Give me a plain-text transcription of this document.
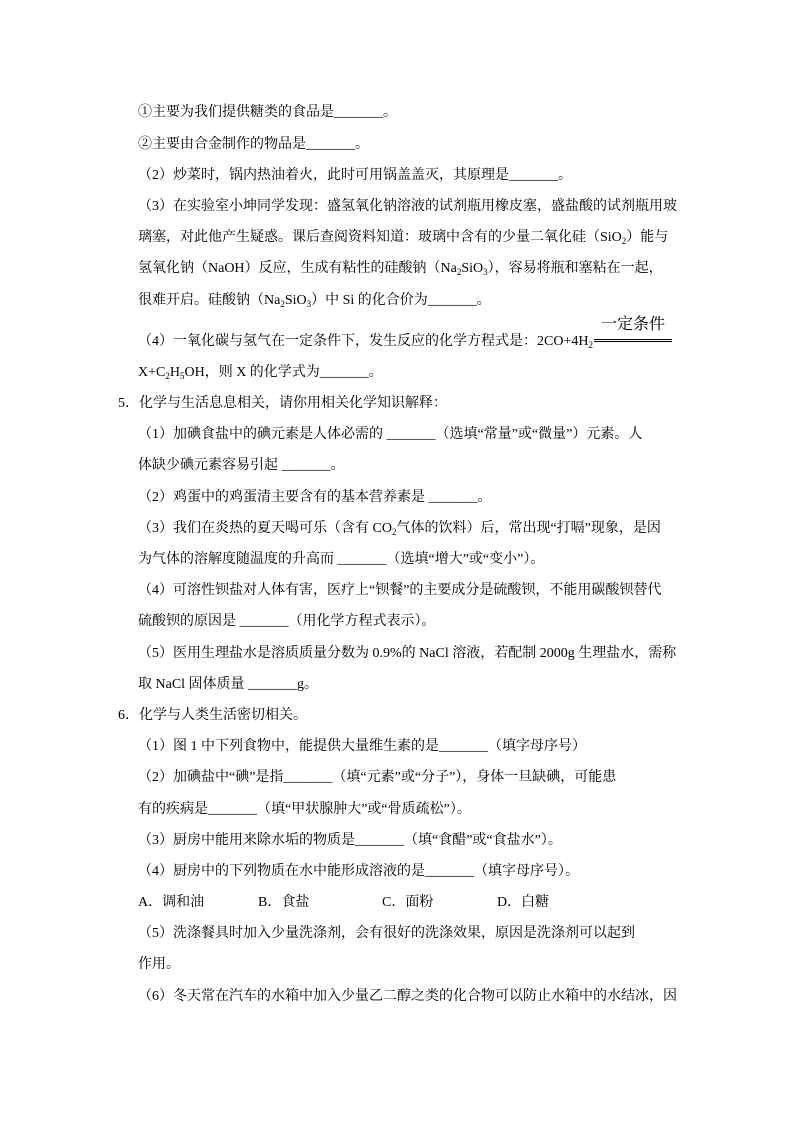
①主要为我们提供糖类的食品是_______。
②主要由合金制作的物品是_______。
（2）炒菜时，锅内热油着火，此时可用锅盖盖灭，其原理是_______。
（3）在实验室小坤同学发现：盛氢氧化钠溶液的试剂瓶用橡皮塞，盛盐酸的试剂瓶用玻
璃塞，对此他产生疑惑。课后查阅资料知道：玻璃中含有的少量二氧化硅（SiO$_2$）能与
氢氧化钠（NaOH）反应，生成有粘性的硅酸钠$(Na_2SiO_3)$，容易将瓶和塞粘在一起，
很难开启。硅酸钠$(Na_2SiO_3)$中 Si 的化合价为_______。
（4）一氧化碳与氢气在一定条件下，发生反应的化学方程式是：$2CO+4H_2$
一定条件
$X+C_2H_5OH$，则 X 的化学式为_______。
5．化学与生活息息相关，请你用相关化学知识解释：
（1）加碘食盐中的碘元素是人体必需的 _______（选填“常量”或“微量”）元素。人
体缺少碘元素容易引起 _______。
（2）鸡蛋中的鸡蛋清主要含有的基本营养素是 _______。
（3）我们在炎热的夏天喝可乐（含有 $CO_2$气体的饮料）后，常出现“打嗝”现象，是因
为气体的溶解度随温度的升高而 _______（选填“增大”或“变小”）。
（4）可溶性钡盐对人体有害，医疗上“钡餐”的主要成分是硫酸钡，不能用碳酸钡替代
硫酸钡的原因是 _______（用化学方程式表示）。
（5）医用生理盐水是溶质质量分数为 0.9%的 NaCl 溶液，若配制 2000g 生理盐水，需称
取 NaCl 固体质量 _______g。
6．化学与人类生活密切相关。
（1）图 1 中下列食物中，能提供大量维生素的是_______（填字母序号）
（2）加碘盐中“碘”是指_______（填“元素”或“分子”），身体一旦缺碘，可能患
有的疾病是_______（填“甲状腺肿大”或“骨质疏松”）。
（3）厨房中能用来除水垢的物质是_______（填“食醋”或“食盐水”）。
（4）厨房中的下列物质在水中能形成溶液的是_______（填字母序号）。
A．调和油	B．食盐	C．面粉	D．白糖
（5）洗涤餐具时加入少量洗涤剂，会有很好的洗涤效果，原因是洗涤剂可以起到
作用。
（6）冬天常在汽车的水箱中加入少量乙二醇之类的化合物可以防止水箱中的水结冰，因
